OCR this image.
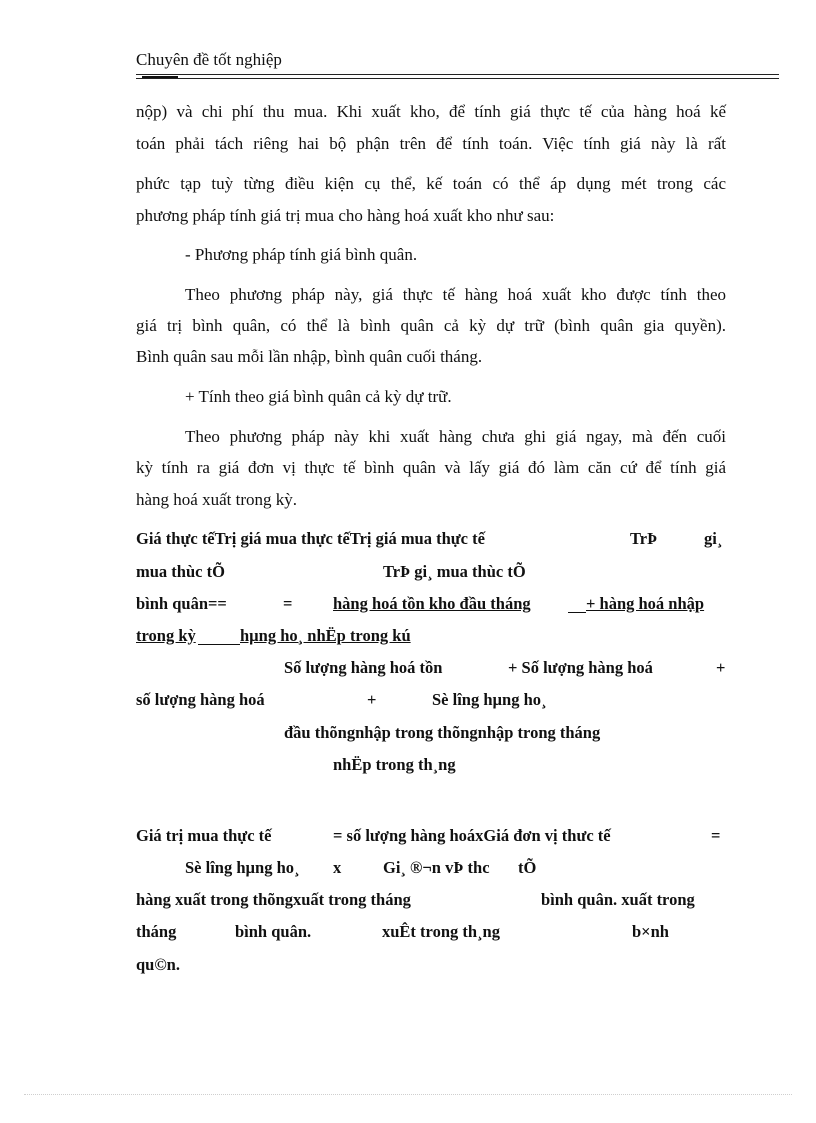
Chuyên đề tốt nghiệp
nộp) và chi phí thu mua. Khi xuất kho, để tính giá thực tế của hàng hoá kế
toán phải tách riêng hai bộ phận trên để tính toán. Việc tính giá này là rất
phức tạp tuỳ từng điều kiện cụ thể, kế toán có thể áp dụng mét trong các
phương pháp tính giá trị mua cho hàng hoá xuất kho như sau:
- Phương pháp tính giá bình quân.
Theo phương pháp này, giá thực tế hàng hoá xuất kho được tính theo
giá trị bình quân, có thể là bình quân cả kỳ dự trữ (bình quân gia quyền).
Bình quân sau mỗi lần nhập, bình quân cuối tháng.
+ Tính theo giá bình quân cả kỳ dự trữ.
Theo phương pháp này khi xuất hàng chưa ghi giá ngay, mà đến cuối
kỳ tính ra giá đơn vị thực tế bình quân và lấy giá đó làm căn cứ để tính giá
hàng hoá xuất trong kỳ.
Giá thực tếTrị giá mua thực tếTrị giá mua thực tế	TrÞ	gi¸
mua thùc tÕ	TrÞ gi¸ mua thùc tÕ
bình quân==	= hàng hoá tồn kho đầu tháng	+ hàng hoá nhập
trong kỳ	hµng ho¸ nhËp trong kú
Số lượng hàng hoá tồn	+ Số lượng hàng hoá	+
số lượng hàng hoá	+	Sè lîng hµng ho¸
đầu thõngnhập trong thõngnhập trong tháng
nhËp trong th¸ng
Giá trị mua thực tế	= số lượng hàng hoáxGiá đơn vị thưc tế	=
Sè lîng hµng ho¸ x	Gi¸ ®¬n vÞ thc tÕ
hàng xuất trong thõngxuất trong tháng	bình quân. xuất trong
tháng	bình quân.	xuÊt trong th¸ng	b×nh
qu©n.
